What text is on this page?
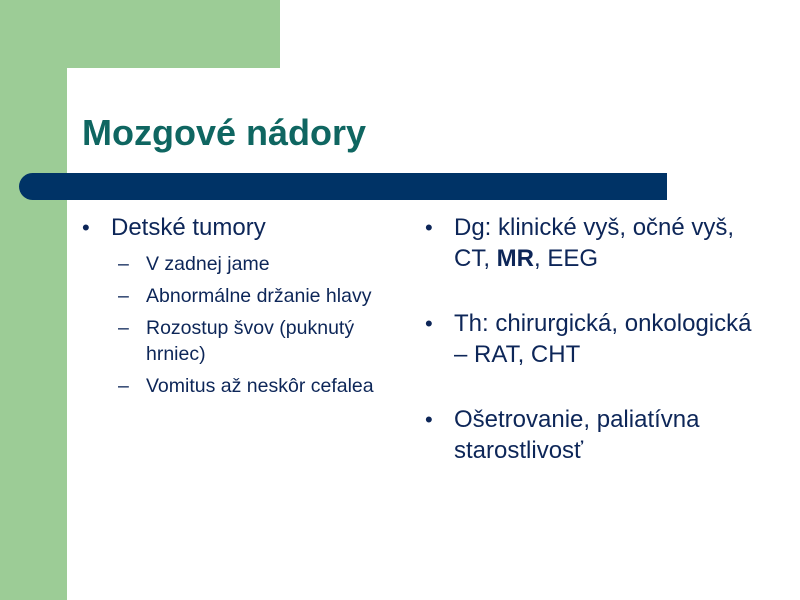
Mozgové nádory
• Detské tumory
– V zadnej jame
– Abnormálne držanie hlavy
– Rozostup švov (puknutý hrniec)
– Vomitus až neskôr cefalea
• Dg: klinické vyš, očné vyš, CT, MR, EEG
• Th: chirurgická, onkologická – RAT, CHT
• Ošetrovanie, paliatívna starostlivosť
